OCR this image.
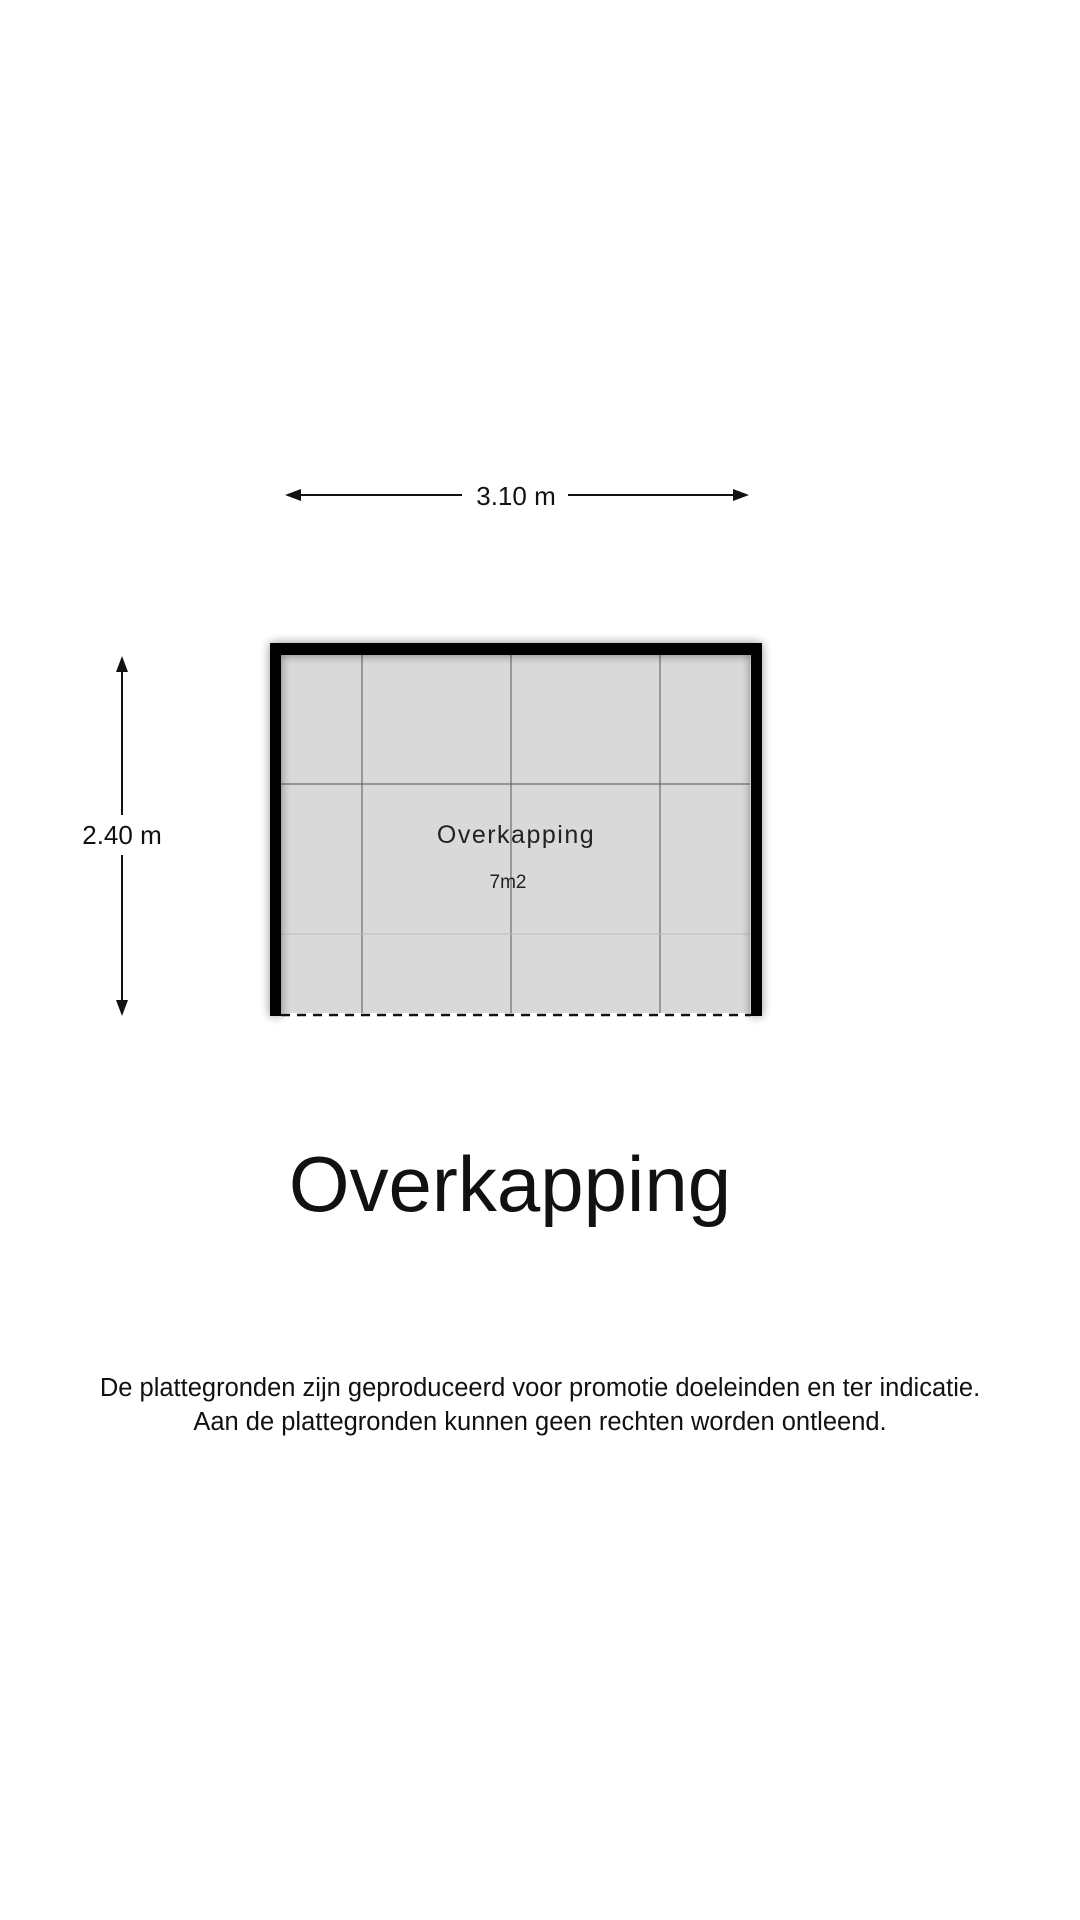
3.10 m
2.40 m	Overkapping
7m2
Overkapping
De plattegronden zijn geproduceerd voor promotie doeleinden en ter indicatie.
Aan de plattegronden kunnen geen rechten worden ontleend.
